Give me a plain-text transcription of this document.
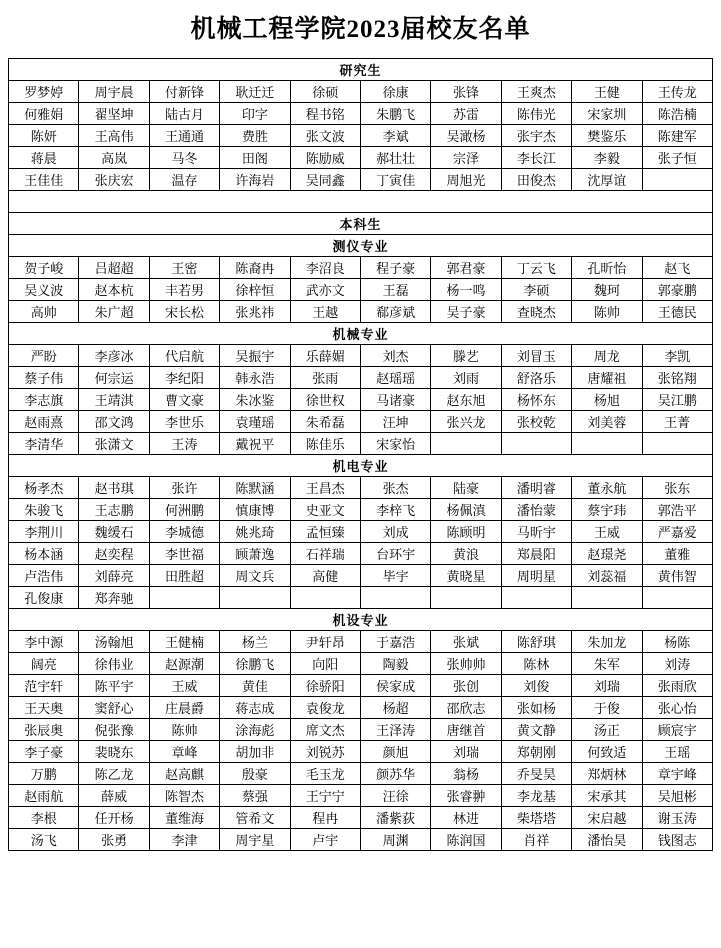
机械工程学院2023届校友名单
研究生									
罗梦婷	周宇晨	付新锋	耿迁迁	徐硕	徐康	张锋	王爽杰	王健	王传龙
何雅娟	翟坚坤	陆古月	印字	程书铭	朱鹏飞	苏雷	陈伟光	宋家圳	陈浩楠
陈妍	王高伟	王通通	费胜	张文波	李斌	吴澉杨	张宇杰	樊鉴乐	陈建军
蒋晨	高岚	马冬	田阁	陈励威	郝壮壮	宗泽	李长江	李毅	张子恒
王佳佳	张庆宏	温存	许海岩	吴同鑫	丁寅佳	周旭光	田俊杰	沈厚谊	

本科生									
测仪专业									
贺子峻	吕超超	王密	陈裔冉	李沼良	程子豪	郭君豪	丁云飞	孔昕怡	赵飞
吴义波	赵本杭	丰若男	徐梓恒	武亦文	王磊	杨一鸣	李硕	魏珂	郭豪鹏
高帅	朱广超	宋长松	张兆祎	王越	郗彦斌	吴子豪	查晓杰	陈帅	王德民
机械专业									
严盼	李彦冰	代启航	吴振宇	乐薛媚	刘杰	滕艺	刘冒玉	周龙	李凯
蔡子伟	何宗运	李纪阳	韩永浩	张雨	赵瑶瑶	刘雨	舒洛乐	唐耀祖	张铭翔
李志旗	王靖淇	曹文豪	朱冰鉴	徐世权	马诸豪	赵东旭	杨怀东	杨旭	吴江鹏
赵雨熹	邵文鸿	李世乐	袁瑾瑶	朱希磊	汪坤	张兴龙	张校乾	刘美蓉	王菁
李清华	张潇文	王涛	戴祝平	陈佳乐	宋家怡				
机电专业									
杨孝杰	赵书琪	张许	陈默涵	王昌杰	张杰	陆豪	潘明睿	董永航	张东
朱骏飞	王志鹏	何洲鹏	慎康博	史亚文	李梓飞	杨佩滇	潘怡蒙	蔡宇玮	郭浩平
李荆川	魏缓石	李城德	姚兆琦	孟恒臻	刘成	陈顾明	马昕宇	王威	严嘉爱
杨本涵	赵奕程	李世福	顾萧逸	石祥瑞	台环宇	黄浪	郑晨阳	赵璟尧	董雅
卢浩伟	刘薛亮	田胜超	周文兵	高健	毕宇	黄晓星	周明星	刘蕊福	黄伟智
孔俊康	郑奔驰								
机设专业									
李中源	汤翰旭	王健楠	杨兰	尹轩昂	于嘉浩	张斌	陈舒琪	朱加龙	杨陈
阔亮	徐伟业	赵源潮	徐鹏飞	向阳	陶毅	张帅帅	陈林	朱军	刘涛
范宇轩	陈平宇	王威	黄佳	徐骄阳	侯家成	张创	刘俊	刘瑞	张雨欣
王天奥	窦舒心	庄晨爵	蒋志成	袁俊龙	杨超	邵欣志	张如杨	于俊	张心怡
张辰奥	倪张豫	陈帅	涂海彪	席文杰	王泽涛	唐继首	黄文静	汤正	顾宸宇
李子豪	裴晓东	章峰	胡加非	刘锐苏	颜旭	刘瑞	郑朝刚	何致适	王瑶
万鹏	陈乙龙	赵高麒	殷豪	毛玉龙	颜苏华	翁杨	乔旻昊	郑炳林	章宇峰
赵雨航	薛威	陈智杰	蔡强	王宁宁	汪徐	张睿翀	李龙基	宋承其	吴旭彬
李根	任开杨	董维海	管希文	程冉	潘紫荻	林进	柴塔塔	宋启越	谢玉涛
汤飞	张勇	李津	周宇星	卢宇	周渊	陈润国	肖祥	潘怡昊	钱图志
